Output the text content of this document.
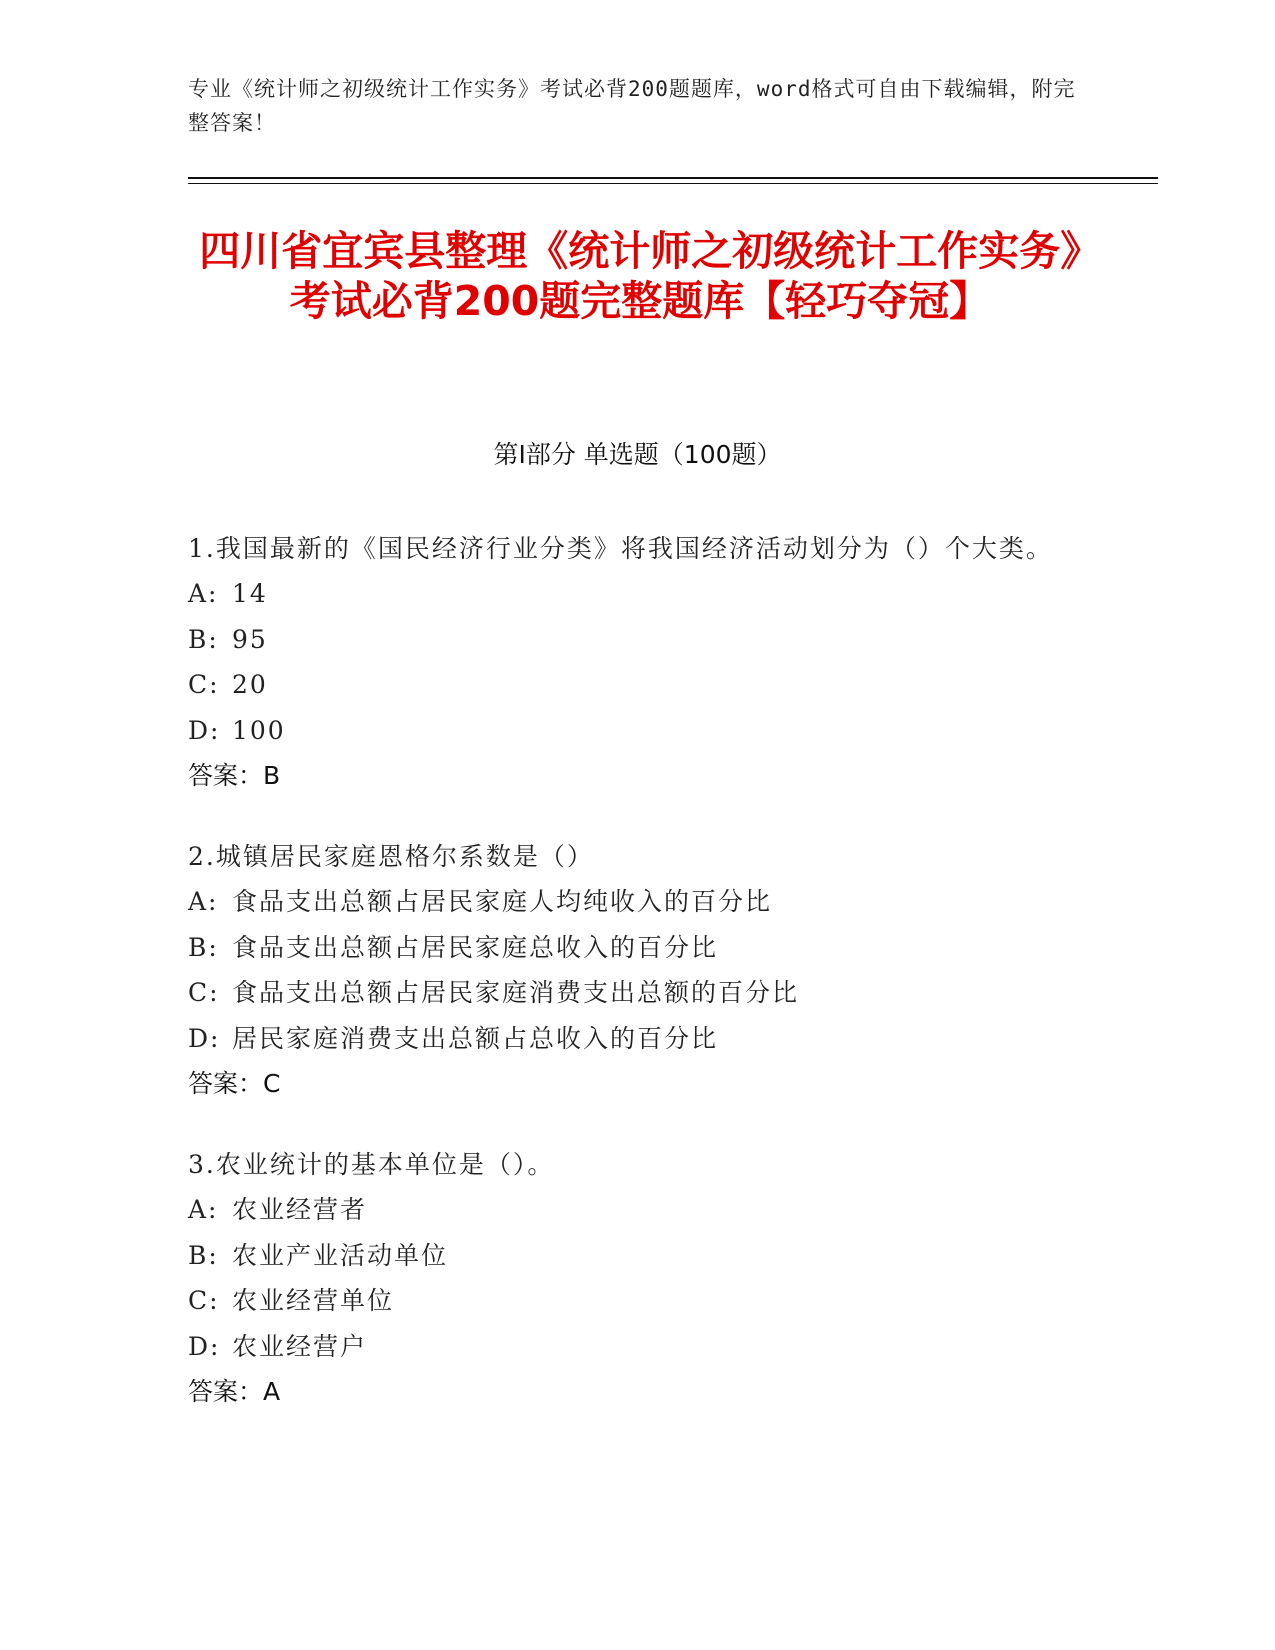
专业《统计师之初级统计工作实务》考试必背200题题库，word格式可自由下载编辑，附完整答案！
四川省宜宾县整理《统计师之初级统计工作实务》考试必背200题完整题库【轻巧夺冠】
第I部分 单选题（100题）
1.我国最新的《国民经济行业分类》将我国经济活动划分为（）个大类。
A: 14
B: 95
C: 20
D: 100
答案：B
2.城镇居民家庭恩格尔系数是（）
A: 食品支出总额占居民家庭人均纯收入的百分比
B: 食品支出总额占居民家庭总收入的百分比
C: 食品支出总额占居民家庭消费支出总额的百分比
D: 居民家庭消费支出总额占总收入的百分比
答案：C
3.农业统计的基本单位是（）。
A: 农业经营者
B: 农业产业活动单位
C: 农业经营单位
D: 农业经营户
答案：A
